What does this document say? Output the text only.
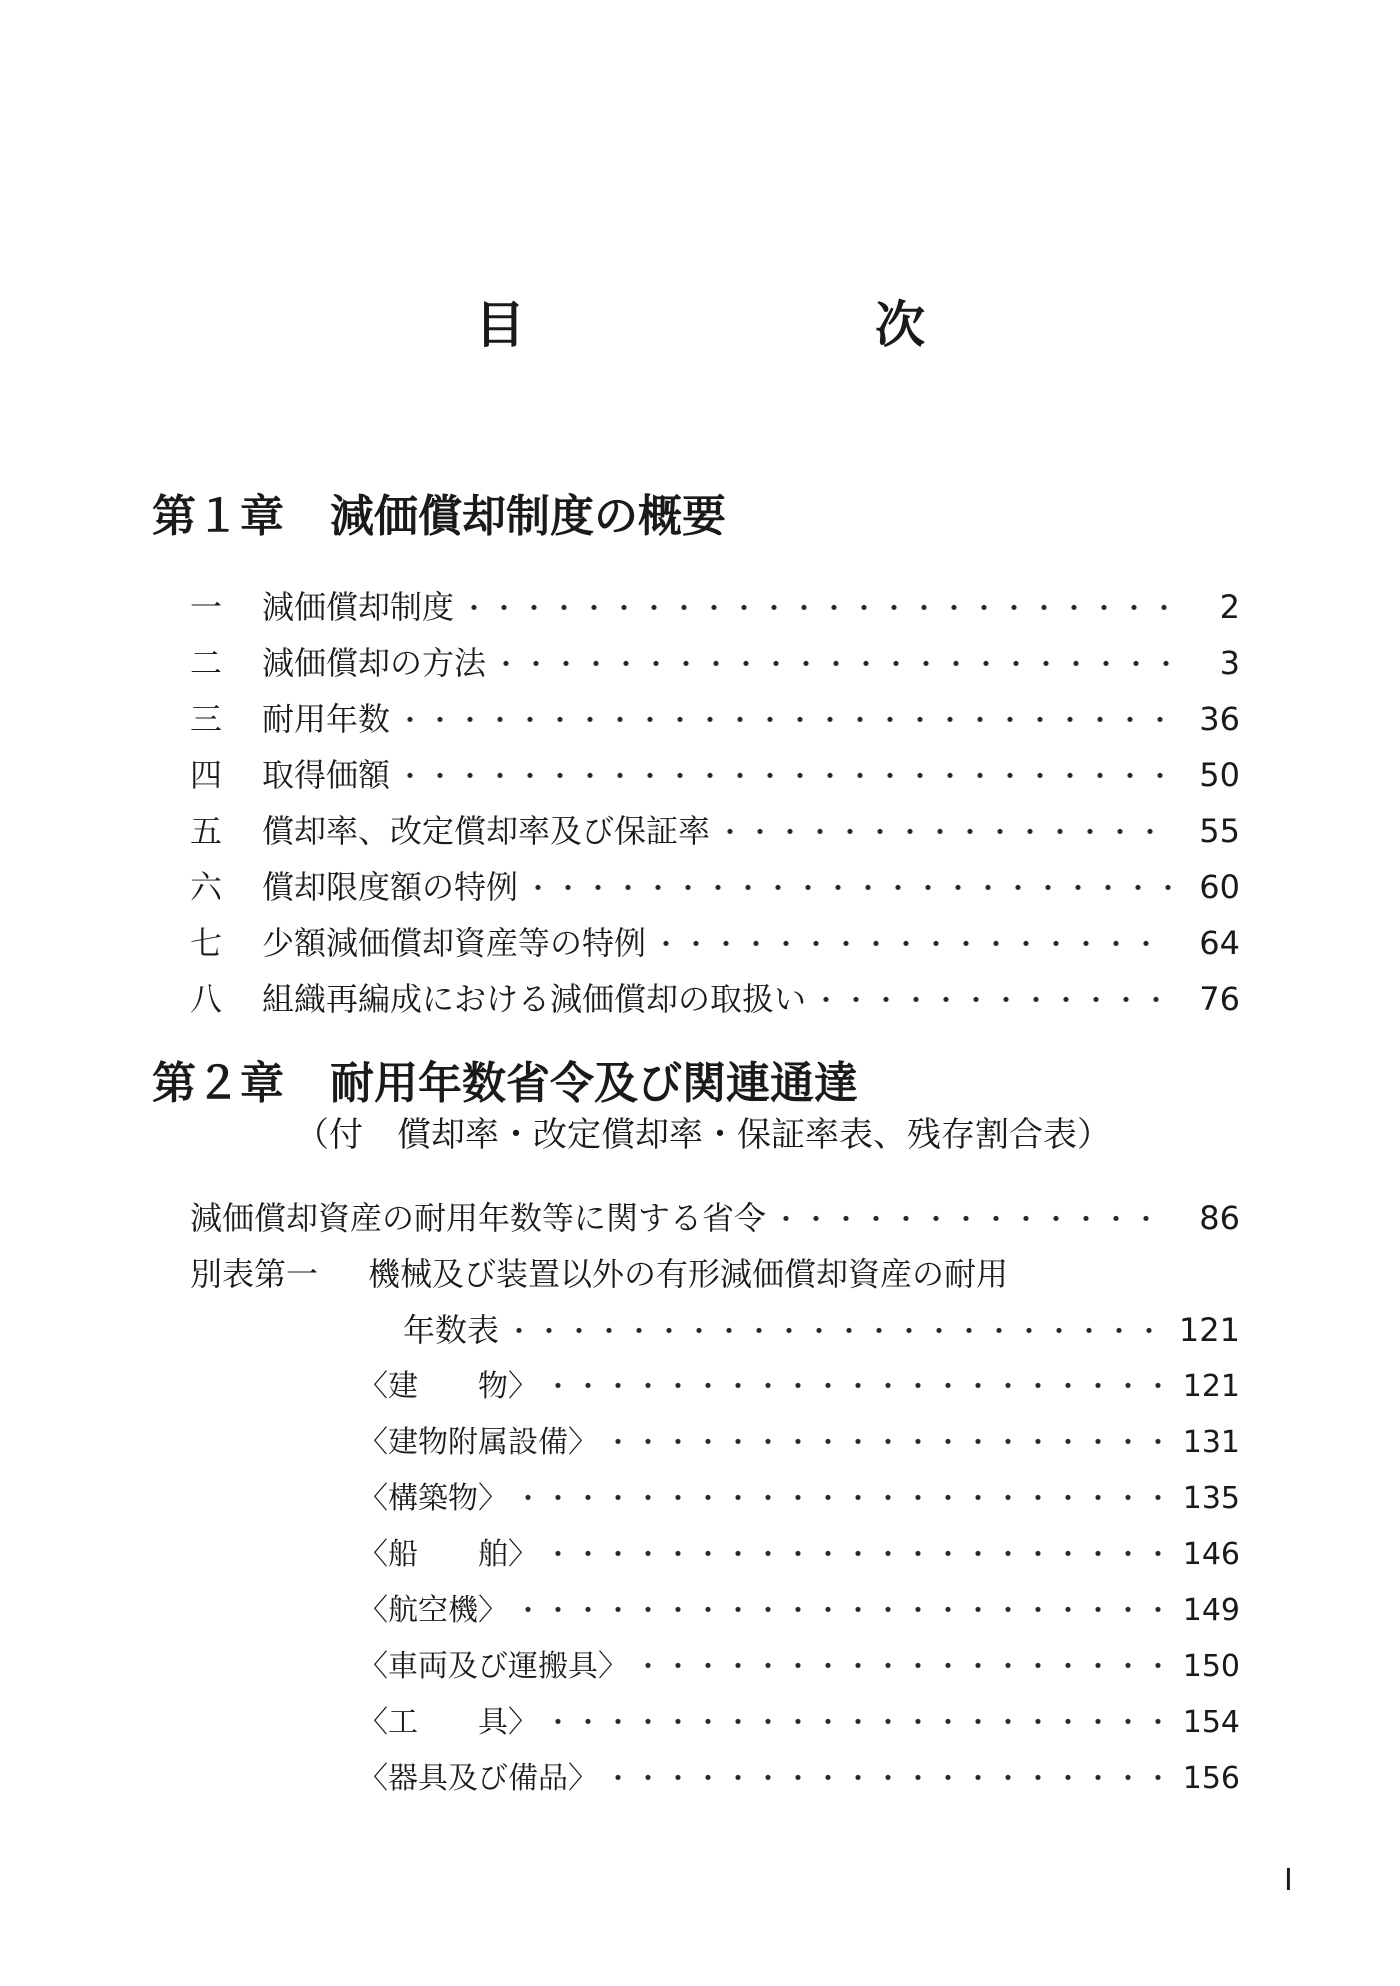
目　次
第１章 減価償却制度の概要
一	減価償却制度 ・・・・・・・・・・・・・・・・・・・・・・・・・・・・・・・・・・・・・・・・・・・・・・・・・・・・・・・・・・・・・・・・・・・・・・・・・・・・・・・・・・・・・・・・・・・・・・・・	2
二	減価償却の方法 ・・・・・・・・・・・・・・・・・・・・・・・・・・・・・・・・・・・・・・・・・・・・・・・・・・・・・・・・・・・・・・・・・・・・・・・・・・・・・・・・・・・・・・・・・・・・・・・・	3
三	耐用年数 ・・・・・・・・・・・・・・・・・・・・・・・・・・・・・・・・・・・・・・・・・・・・・・・・・・・・・・・・・・・・・・・・・・・・・・・・・・・・・・・・・・・・・・・・・・・・・・・・	36
四	取得価額 ・・・・・・・・・・・・・・・・・・・・・・・・・・・・・・・・・・・・・・・・・・・・・・・・・・・・・・・・・・・・・・・・・・・・・・・・・・・・・・・・・・・・・・・・・・・・・・・・	50
五	償却率、改定償却率及び保証率 ・・・・・・・・・・・・・・・・・・・・・・・・・・・・・・・・・・・・・・・・・・・・・・・・・・・・・・・・・・・・・・・・・・・・・・・・・・・・・・・・・・・・・・・・・・・・・・・・	55
六	償却限度額の特例 ・・・・・・・・・・・・・・・・・・・・・・・・・・・・・・・・・・・・・・・・・・・・・・・・・・・・・・・・・・・・・・・・・・・・・・・・・・・・・・・・・・・・・・・・・・・・・・・・	60
七	少額減価償却資産等の特例 ・・・・・・・・・・・・・・・・・・・・・・・・・・・・・・・・・・・・・・・・・・・・・・・・・・・・・・・・・・・・・・・・・・・・・・・・・・・・・・・・・・・・・・・・・・・・・・・・	64
八	組織再編成における減価償却の取扱い ・・・・・・・・・・・・・・・・・・・・・・・・・・・・・・・・・・・・・・・・・・・・・・・・・・・・・・・・・・・・・・・・・・・・・・・・・・・・・・・・・・・・・・・・・・・・・・・・	76
第２章 耐用年数省令及び関連通達
（付　償却率・改定償却率・保証率表、残存割合表）
減価償却資産の耐用年数等に関する省令 ・・・・・・・・・・・・・・・・・・・・・・・・・・・・・・・・・・・・・・・・・・・・・・・・・・・・・・・・・・・・・・・・・・・・・・・・・・・・・・・・・・・・・・・・・・・・・・・・	86
別表第一	機械及び装置以外の有形減価償却資産の耐用
年数表 ・・・・・・・・・・・・・・・・・・・・・・・・・・・・・・・・・・・・・・・・・・・・・・・・・・・・・・・・・・・・・・・・・・・・・・・・・・・・・・・・・・・・・・・・・・・・・・・・	121
〈建　　物〉 ・・・・・・・・・・・・・・・・・・・・・・・・・・・・・・・・・・・・・・・・・・・・・・・・・・・・・・・・・・・・・・・・・・・・・・・・・・・・・・・・・・・・・・・・・・・・・・・・	121
〈建物附属設備〉 ・・・・・・・・・・・・・・・・・・・・・・・・・・・・・・・・・・・・・・・・・・・・・・・・・・・・・・・・・・・・・・・・・・・・・・・・・・・・・・・・・・・・・・・・・・・・・・・・	131
〈構築物〉 ・・・・・・・・・・・・・・・・・・・・・・・・・・・・・・・・・・・・・・・・・・・・・・・・・・・・・・・・・・・・・・・・・・・・・・・・・・・・・・・・・・・・・・・・・・・・・・・・	135
〈船　　舶〉 ・・・・・・・・・・・・・・・・・・・・・・・・・・・・・・・・・・・・・・・・・・・・・・・・・・・・・・・・・・・・・・・・・・・・・・・・・・・・・・・・・・・・・・・・・・・・・・・・	146
〈航空機〉 ・・・・・・・・・・・・・・・・・・・・・・・・・・・・・・・・・・・・・・・・・・・・・・・・・・・・・・・・・・・・・・・・・・・・・・・・・・・・・・・・・・・・・・・・・・・・・・・・	149
〈車両及び運搬具〉 ・・・・・・・・・・・・・・・・・・・・・・・・・・・・・・・・・・・・・・・・・・・・・・・・・・・・・・・・・・・・・・・・・・・・・・・・・・・・・・・・・・・・・・・・・・・・・・・・	150
〈工　　具〉 ・・・・・・・・・・・・・・・・・・・・・・・・・・・・・・・・・・・・・・・・・・・・・・・・・・・・・・・・・・・・・・・・・・・・・・・・・・・・・・・・・・・・・・・・・・・・・・・・	154
〈器具及び備品〉 ・・・・・・・・・・・・・・・・・・・・・・・・・・・・・・・・・・・・・・・・・・・・・・・・・・・・・・・・・・・・・・・・・・・・・・・・・・・・・・・・・・・・・・・・・・・・・・・・	156
I
